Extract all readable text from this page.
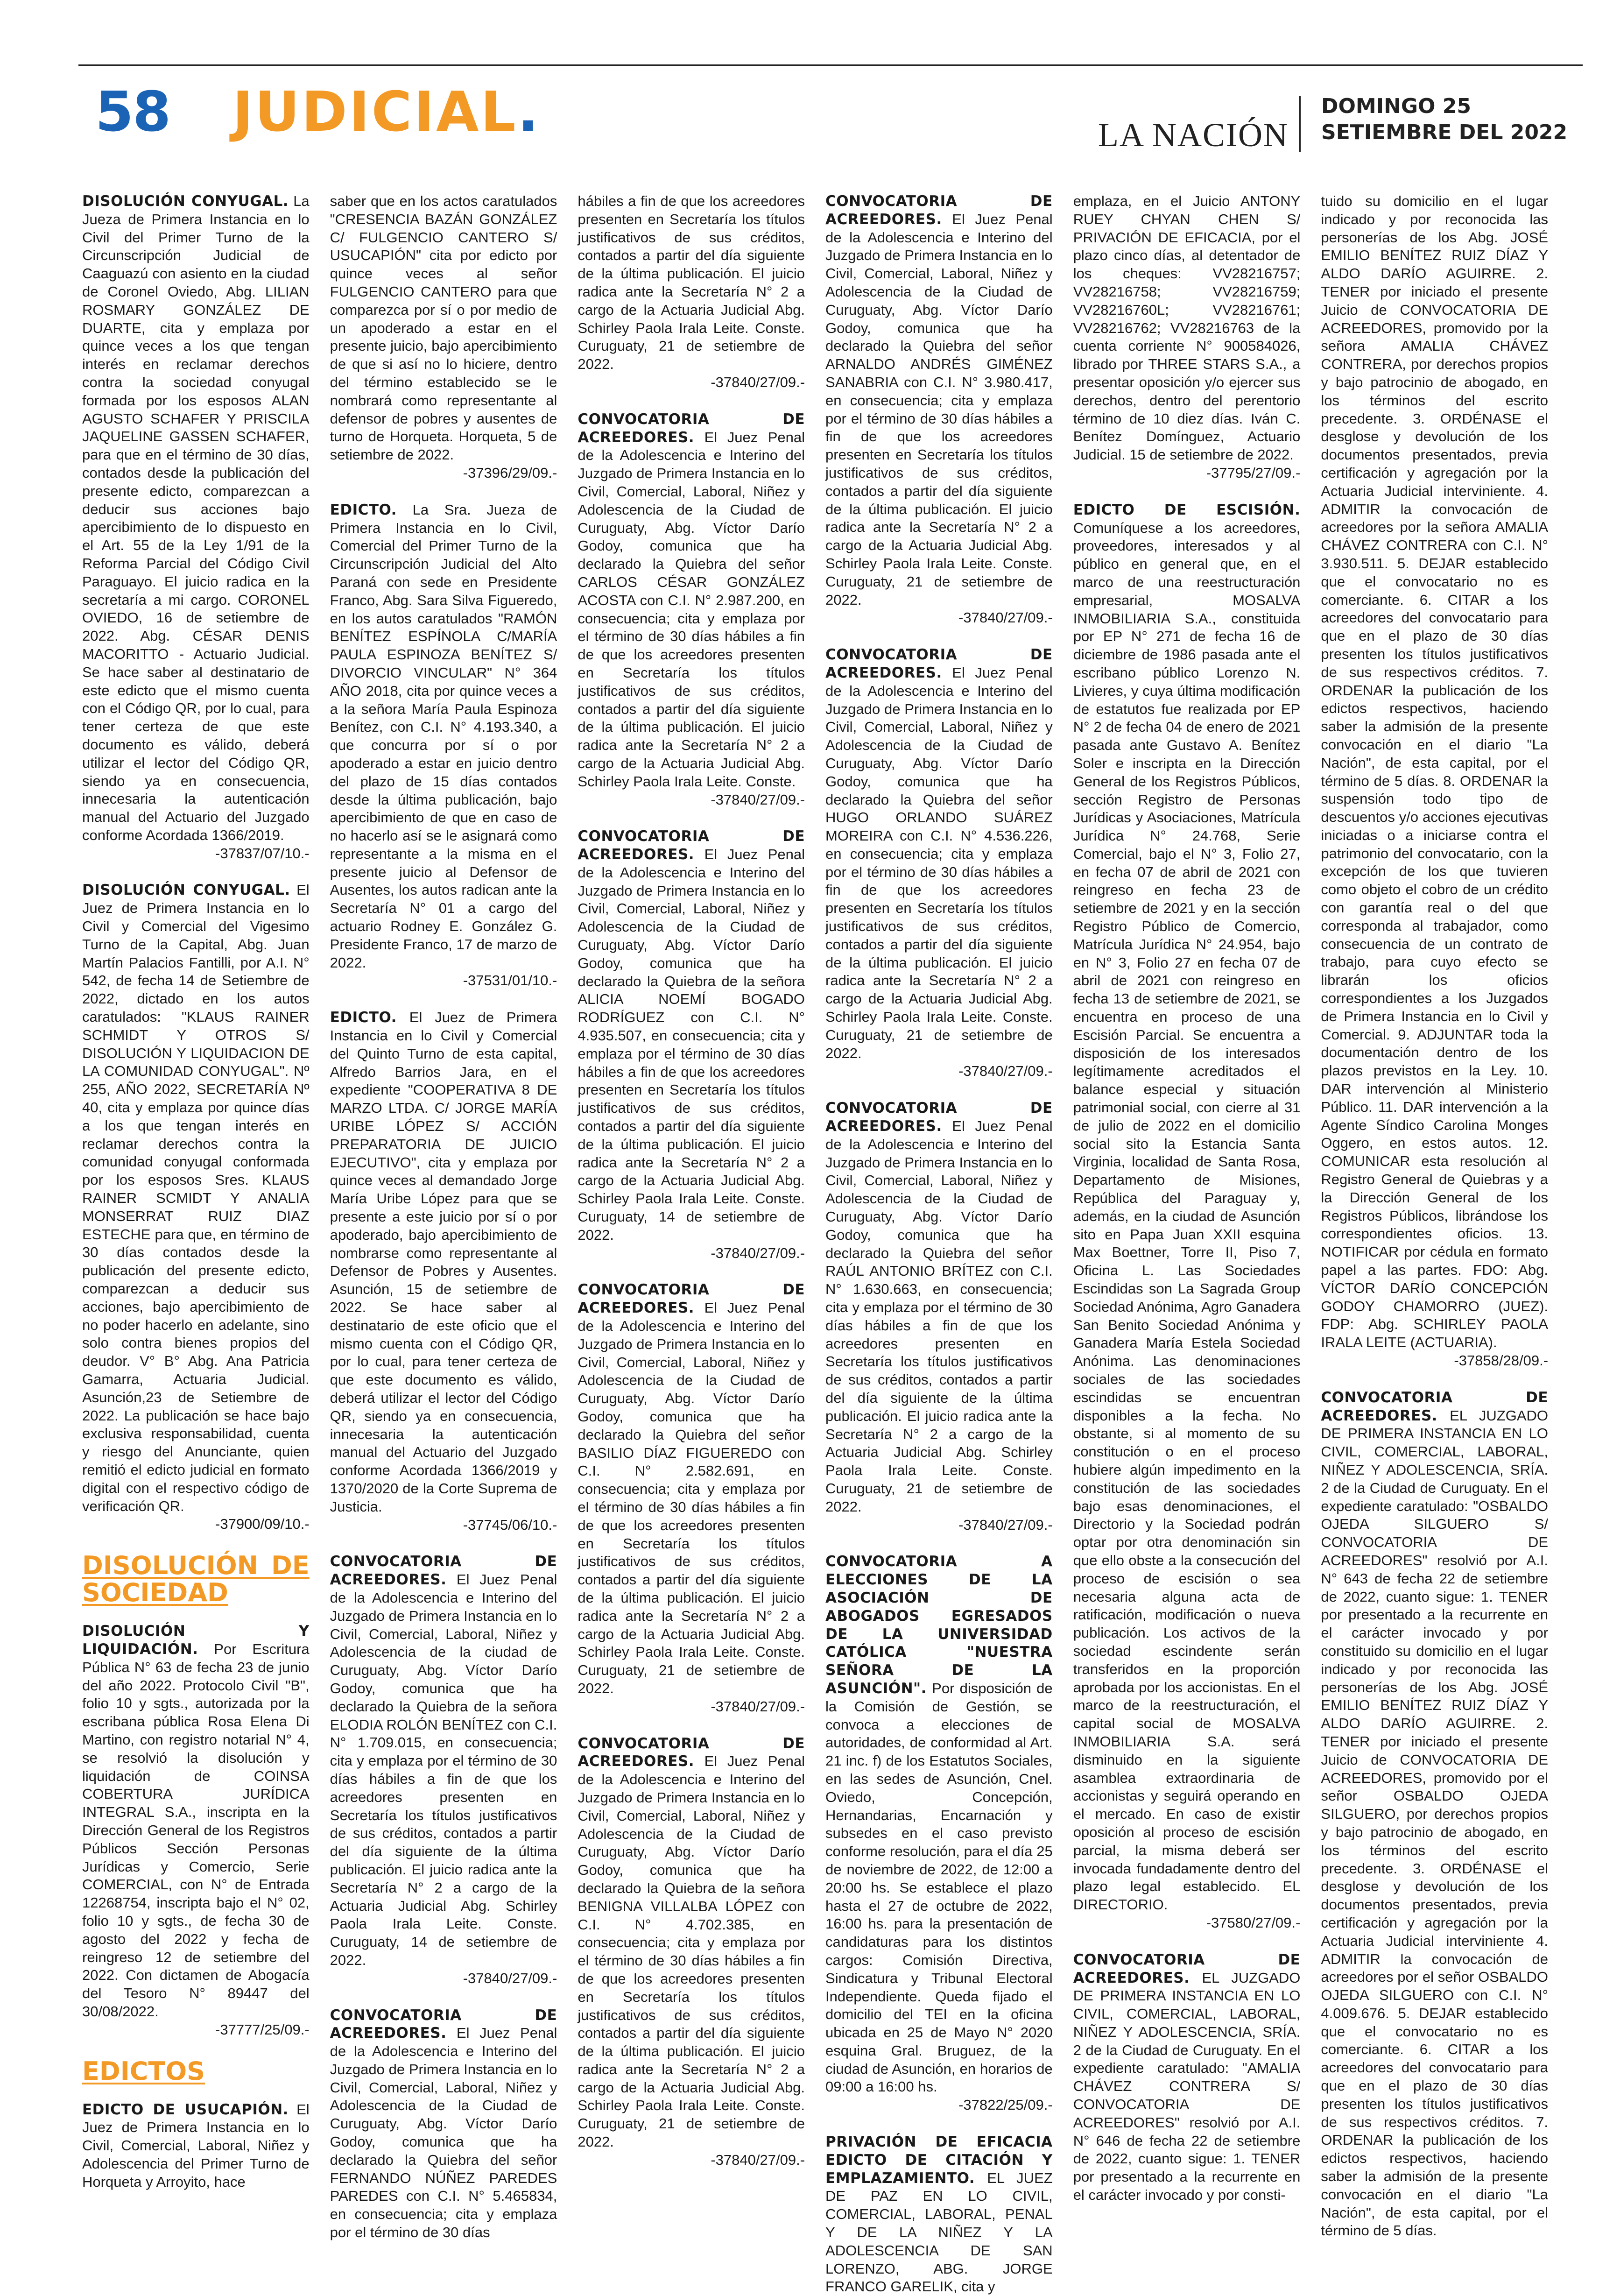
58 JUDICIAL.	LA NACIÓN
DOMINGO 25
SETIEMBRE DEL 2022

DISOLUCIÓN CONYUGAL. La Jueza de Primera Instancia en lo Civil del Primer Turno de la Circunscripción Judicial de Caaguazú con asiento en la ciudad de Coronel Oviedo, Abg. LILIAN ROSMARY GONZÁLEZ DE DUARTE, cita y emplaza por quince veces a los que tengan interés en reclamar derechos contra la sociedad conyugal formada por los esposos ALAN AGUSTO SCHAFER Y PRISCILA JAQUELINE GASSEN SCHAFER, para que en el término de 30 días, contados desde la publicación del presente edicto, comparezcan a deducir sus acciones bajo apercibimiento de lo dispuesto en el Art. 55 de la Ley 1/91 de la Reforma Parcial del Código Civil Paraguayo. El juicio radica en la secretaría a mi cargo. CORONEL OVIEDO, 16 de setiembre de 2022. Abg. CÉSAR DENIS MACORITTO - Actuario Judicial. Se hace saber al destinatario de este edicto que el mismo cuenta con el Código QR, por lo cual, para tener certeza de que este documento es válido, deberá utilizar el lector del Código QR, siendo ya en consecuencia, innecesaria la autenticación manual del Actuario del Juzgado conforme Acordada 1366/2019.
-37837/07/10.-

DISOLUCIÓN CONYUGAL. El Juez de Primera Instancia en lo Civil y Comercial del Vigesimo Turno de la Capital, Abg. Juan Martín Palacios Fantilli, por A.I. N° 542, de fecha 14 de Setiembre de 2022, dictado en los autos caratulados: "KLAUS RAINER SCHMIDT Y OTROS S/ DISOLUCIÓN Y LIQUIDACION DE LA COMUNIDAD CONYUGAL". Nº 255, AÑO 2022, SECRETARÍA Nº 40, cita y emplaza por quince días a los que tengan interés en reclamar derechos contra la comunidad conyugal conformada por los esposos Sres. KLAUS RAINER SCMIDT Y ANALIA MONSERRAT RUIZ DIAZ ESTECHE para que, en término de 30 días contados desde la publicación del presente edicto, comparezcan a deducir sus acciones, bajo apercibimiento de no poder hacerlo en adelante, sino solo contra bienes propios del deudor. V° B° Abg. Ana Patricia Gamarra, Actuaria Judicial. Asunción,23 de Setiembre de 2022. La publicación se hace bajo exclusiva responsabilidad, cuenta y riesgo del Anunciante, quien remitió el edicto judicial en formato digital con el respectivo código de verificación QR.
-37900/09/10.-

DISOLUCIÓN DE SOCIEDAD

DISOLUCIÓN Y LIQUIDACIÓN. Por Escritura Pública N° 63 de fecha 23 de junio del año 2022. Protocolo Civil "B", folio 10 y sgts., autorizada por la escribana pública Rosa Elena Di Martino, con registro notarial N° 4, se resolvió la disolución y liquidación de COINSA COBERTURA JURÍDICA INTEGRAL S.A., inscripta en la Dirección General de los Registros Públicos Sección Personas Jurídicas y Comercio, Serie COMERCIAL, con N° de Entrada 12268754, inscripta bajo el N° 02, folio 10 y sgts., de fecha 30 de agosto del 2022 y fecha de reingreso 12 de setiembre del 2022. Con dictamen de Abogacía del Tesoro N° 89447 del 30/08/2022.
-37777/25/09.-

EDICTOS

EDICTO DE USUCAPIÓN. El Juez de Primera Instancia en lo Civil, Comercial, Laboral, Niñez y Adolescencia del Primer Turno de Horqueta y Arroyito, hace

saber que en los actos caratulados "CRESENCIA BAZÁN GONZÁLEZ C/ FULGENCIO CANTERO S/ USUCAPIÓN" cita por edicto por quince veces al señor FULGENCIO CANTERO para que comparezca por sí o por medio de un apoderado a estar en el presente juicio, bajo apercibimiento de que si así no lo hiciere, dentro del término establecido se le nombrará como representante al defensor de pobres y ausentes de turno de Horqueta. Horqueta, 5 de setiembre de 2022.
-37396/29/09.-

EDICTO. La Sra. Jueza de Primera Instancia en lo Civil, Comercial del Primer Turno de la Circunscripción Judicial del Alto Paraná con sede en Presidente Franco, Abg. Sara Silva Figueredo, en los autos caratulados "RAMÓN BENÍTEZ ESPÍNOLA C/MARÍA PAULA ESPINOZA BENÍTEZ S/ DIVORCIO VINCULAR" N° 364 AÑO 2018, cita por quince veces a a la señora María Paula Espinoza Benítez, con C.I. N° 4.193.340, a que concurra por sí o por apoderado a estar en juicio dentro del plazo de 15 días contados desde la última publicación, bajo apercibimiento de que en caso de no hacerlo así se le asignará como representante a la misma en el presente juicio al Defensor de Ausentes, los autos radican ante la Secretaría N° 01 a cargo del actuario Rodney E. González G. Presidente Franco, 17 de marzo de 2022.
-37531/01/10.-

EDICTO. El Juez de Primera Instancia en lo Civil y Comercial del Quinto Turno de esta capital, Alfredo Barrios Jara, en el expediente "COOPERATIVA 8 DE MARZO LTDA. C/ JORGE MARÍA URIBE LÓPEZ S/ ACCIÓN PREPARATORIA DE JUICIO EJECUTIVO", cita y emplaza por quince veces al demandado Jorge María Uribe López para que se presente a este juicio por sí o por apoderado, bajo apercibimiento de nombrarse como representante al Defensor de Pobres y Ausentes. Asunción, 15 de setiembre de 2022. Se hace saber al destinatario de este oficio que el mismo cuenta con el Código QR, por lo cual, para tener certeza de que este documento es válido, deberá utilizar el lector del Código QR, siendo ya en consecuencia, innecesaria la autenticación manual del Actuario del Juzgado conforme Acordada 1366/2019 y 1370/2020 de la Corte Suprema de Justicia.
-37745/06/10.-

CONVOCATORIA DE ACREEDORES. El Juez Penal de la Adolescencia e Interino del Juzgado de Primera Instancia en lo Civil, Comercial, Laboral, Niñez y Adolescencia de la ciudad de Curuguaty, Abg. Víctor Darío Godoy, comunica que ha declarado la Quiebra de la señora ELODIA ROLÓN BENÍTEZ con C.I. N° 1.709.015, en consecuencia; cita y emplaza por el término de 30 días hábiles a fin de que los acreedores presenten en Secretaría los títulos justificativos de sus créditos, contados a partir del día siguiente de la última publicación. El juicio radica ante la Secretaría N° 2 a cargo de la Actuaria Judicial Abg. Schirley Paola Irala Leite. Conste. Curuguaty, 14 de setiembre de 2022.
-37840/27/09.-

CONVOCATORIA DE ACREEDORES. El Juez Penal de la Adolescencia e Interino del Juzgado de Primera Instancia en lo Civil, Comercial, Laboral, Niñez y Adolescencia de la Ciudad de Curuguaty, Abg. Víctor Darío Godoy, comunica que ha declarado la Quiebra del señor FERNANDO NÚÑEZ PAREDES PAREDES con C.I. N° 5.465834, en consecuencia; cita y emplaza por el término de 30 días

hábiles a fin de que los acreedores presenten en Secretaría los títulos justificativos de sus créditos, contados a partir del día siguiente de la última publicación. El juicio radica ante la Secretaría N° 2 a cargo de la Actuaria Judicial Abg. Schirley Paola Irala Leite. Conste. Curuguaty, 21 de setiembre de 2022.
-37840/27/09.-

CONVOCATORIA DE ACREEDORES. El Juez Penal de la Adolescencia e Interino del Juzgado de Primera Instancia en lo Civil, Comercial, Laboral, Niñez y Adolescencia de la Ciudad de Curuguaty, Abg. Víctor Darío Godoy, comunica que ha declarado la Quiebra del señor CARLOS CÉSAR GONZÁLEZ ACOSTA con C.I. N° 2.987.200, en consecuencia; cita y emplaza por el término de 30 días hábiles a fin de que los acreedores presenten en Secretaría los títulos justificativos de sus créditos, contados a partir del día siguiente de la última publicación. El juicio radica ante la Secretaría N° 2 a cargo de la Actuaria Judicial Abg. Schirley Paola Irala Leite. Conste.
-37840/27/09.-

CONVOCATORIA DE ACREEDORES. El Juez Penal de la Adolescencia e Interino del Juzgado de Primera Instancia en lo Civil, Comercial, Laboral, Niñez y Adolescencia de la Ciudad de Curuguaty, Abg. Víctor Darío Godoy, comunica que ha declarado la Quiebra de la señora ALICIA NOEMÍ BOGADO RODRÍGUEZ con C.I. N° 4.935.507, en consecuencia; cita y emplaza por el término de 30 días hábiles a fin de que los acreedores presenten en Secretaría los títulos justificativos de sus créditos, contados a partir del día siguiente de la última publicación. El juicio radica ante la Secretaría N° 2 a cargo de la Actuaria Judicial Abg. Schirley Paola Irala Leite. Conste. Curuguaty, 14 de setiembre de 2022.
-37840/27/09.-

CONVOCATORIA DE ACREEDORES. El Juez Penal de la Adolescencia e Interino del Juzgado de Primera Instancia en lo Civil, Comercial, Laboral, Niñez y Adolescencia de la Ciudad de Curuguaty, Abg. Víctor Darío Godoy, comunica que ha declarado la Quiebra del señor BASILIO DÍAZ FIGUEREDO con C.I. N° 2.582.691, en consecuencia; cita y emplaza por el término de 30 días hábiles a fin de que los acreedores presenten en Secretaría los títulos justificativos de sus créditos, contados a partir del día siguiente de la última publicación. El juicio radica ante la Secretaría N° 2 a cargo de la Actuaria Judicial Abg. Schirley Paola Irala Leite. Conste. Curuguaty, 21 de setiembre de 2022.
-37840/27/09.-

CONVOCATORIA DE ACREEDORES. El Juez Penal de la Adolescencia e Interino del Juzgado de Primera Instancia en lo Civil, Comercial, Laboral, Niñez y Adolescencia de la Ciudad de Curuguaty, Abg. Víctor Darío Godoy, comunica que ha declarado la Quiebra de la señora BENIGNA VILLALBA LÓPEZ con C.I. N° 4.702.385, en consecuencia; cita y emplaza por el término de 30 días hábiles a fin de que los acreedores presenten en Secretaría los títulos justificativos de sus créditos, contados a partir del día siguiente de la última publicación. El juicio radica ante la Secretaría N° 2 a cargo de la Actuaria Judicial Abg. Schirley Paola Irala Leite. Conste. Curuguaty, 21 de setiembre de 2022.
-37840/27/09.-

CONVOCATORIA DE ACREEDORES. El Juez Penal de la Adolescencia e Interino del Juzgado de Primera Instancia en lo Civil, Comercial, Laboral, Niñez y Adolescencia de la Ciudad de Curuguaty, Abg. Víctor Darío Godoy, comunica que ha declarado la Quiebra del señor ARNALDO ANDRÉS GIMÉNEZ SANABRIA con C.I. N° 3.980.417, en consecuencia; cita y emplaza por el término de 30 días hábiles a fin de que los acreedores presenten en Secretaría los títulos justificativos de sus créditos, contados a partir del día siguiente de la última publicación. El juicio radica ante la Secretaría N° 2 a cargo de la Actuaria Judicial Abg. Schirley Paola Irala Leite. Conste. Curuguaty, 21 de setiembre de 2022.
-37840/27/09.-

CONVOCATORIA DE ACREEDORES. El Juez Penal de la Adolescencia e Interino del Juzgado de Primera Instancia en lo Civil, Comercial, Laboral, Niñez y Adolescencia de la Ciudad de Curuguaty, Abg. Víctor Darío Godoy, comunica que ha declarado la Quiebra del señor HUGO ORLANDO SUÁREZ MOREIRA con C.I. N° 4.536.226, en consecuencia; cita y emplaza por el término de 30 días hábiles a fin de que los acreedores presenten en Secretaría los títulos justificativos de sus créditos, contados a partir del día siguiente de la última publicación. El juicio radica ante la Secretaría N° 2 a cargo de la Actuaria Judicial Abg. Schirley Paola Irala Leite. Conste. Curuguaty, 21 de setiembre de 2022.
-37840/27/09.-

CONVOCATORIA DE ACREEDORES. El Juez Penal de la Adolescencia e Interino del Juzgado de Primera Instancia en lo Civil, Comercial, Laboral, Niñez y Adolescencia de la Ciudad de Curuguaty, Abg. Víctor Darío Godoy, comunica que ha declarado la Quiebra del señor RAÚL ANTONIO BRÍTEZ con C.I. N° 1.630.663, en consecuencia; cita y emplaza por el término de 30 días hábiles a fin de que los acreedores presenten en Secretaría los títulos justificativos de sus créditos, contados a partir del día siguiente de la última publicación. El juicio radica ante la Secretaría N° 2 a cargo de la Actuaria Judicial Abg. Schirley Paola Irala Leite. Conste. Curuguaty, 21 de setiembre de 2022.
-37840/27/09.-

CONVOCATORIA A ELECCIONES DE LA ASOCIACIÓN DE ABOGADOS EGRESADOS DE LA UNIVERSIDAD CATÓLICA "NUESTRA SEÑORA DE LA ASUNCIÓN". Por disposición de la Comisión de Gestión, se convoca a elecciones de autoridades, de conformidad al Art. 21 inc. f) de los Estatutos Sociales, en las sedes de Asunción, Cnel. Oviedo, Concepción, Hernandarias, Encarnación y subsedes en el caso previsto conforme resolución, para el día 25 de noviembre de 2022, de 12:00 a 20:00 hs. Se establece el plazo hasta el 27 de octubre de 2022, 16:00 hs. para la presentación de candidaturas para los distintos cargos: Comisión Directiva, Sindicatura y Tribunal Electoral Independiente. Queda fijado el domicilio del TEI en la oficina ubicada en 25 de Mayo N° 2020 esquina Gral. Bruguez, de la ciudad de Asunción, en horarios de 09:00 a 16:00 hs.
-37822/25/09.-

PRIVACIÓN DE EFICACIA EDICTO DE CITACIÓN Y EMPLAZAMIENTO. EL JUEZ DE PAZ EN LO CIVIL, COMERCIAL, LABORAL, PENAL Y DE LA NIÑEZ Y LA ADOLESCENCIA DE SAN LORENZO, ABG. JORGE FRANCO GARELIK, cita y

emplaza, en el Juicio ANTONY RUEY CHYAN CHEN S/ PRIVACIÓN DE EFICACIA, por el plazo cinco días, al detentador de los cheques: VV28216757; VV28216758; VV28216759; VV28216760L; VV28216761; VV28216762; VV28216763 de la cuenta corriente N° 900584026, librado por THREE STARS S.A., a presentar oposición y/o ejercer sus derechos, dentro del perentorio término de 10 diez días. Iván C. Benítez Domínguez, Actuario Judicial. 15 de setiembre de 2022.
-37795/27/09.-

EDICTO DE ESCISIÓN. Comuníquese a los acreedores, proveedores, interesados y al público en general que, en el marco de una reestructuración empresarial, MOSALVA INMOBILIARIA S.A., constituida por EP N° 271 de fecha 16 de diciembre de 1986 pasada ante el escribano público Lorenzo N. Livieres, y cuya última modificación de estatutos fue realizada por EP N° 2 de fecha 04 de enero de 2021 pasada ante Gustavo A. Benítez Soler e inscripta en la Dirección General de los Registros Públicos, sección Registro de Personas Jurídicas y Asociaciones, Matrícula Jurídica N° 24.768, Serie Comercial, bajo el N° 3, Folio 27, en fecha 07 de abril de 2021 con reingreso en fecha 23 de setiembre de 2021 y en la sección Registro Público de Comercio, Matrícula Jurídica N° 24.954, bajo en N° 3, Folio 27 en fecha 07 de abril de 2021 con reingreso en fecha 13 de setiembre de 2021, se encuentra en proceso de una Escisión Parcial. Se encuentra a disposición de los interesados legítimamente acreditados el balance especial y situación patrimonial social, con cierre al 31 de julio de 2022 en el domicilio social sito la Estancia Santa Virginia, localidad de Santa Rosa, Departamento de Misiones, República del Paraguay y, además, en la ciudad de Asunción sito en Papa Juan XXII esquina Max Boettner, Torre II, Piso 7, Oficina L. Las Sociedades Escindidas son La Sagrada Group Sociedad Anónima, Agro Ganadera San Benito Sociedad Anónima y Ganadera María Estela Sociedad Anónima. Las denominaciones sociales de las sociedades escindidas se encuentran disponibles a la fecha. No obstante, si al momento de su constitución o en el proceso hubiere algún impedimento en la constitución de las sociedades bajo esas denominaciones, el Directorio y la Sociedad podrán optar por otra denominación sin que ello obste a la consecución del proceso de escisión o sea necesaria alguna acta de ratificación, modificación o nueva publicación. Los activos de la sociedad escindente serán transferidos en la proporción aprobada por los accionistas. En el marco de la reestructuración, el capital social de MOSALVA INMOBILIARIA S.A. será disminuido en la siguiente asamblea extraordinaria de accionistas y seguirá operando en el mercado. En caso de existir oposición al proceso de escisión parcial, la misma deberá ser invocada fundadamente dentro del plazo legal establecido. EL DIRECTORIO.
-37580/27/09.-

CONVOCATORIA DE ACREEDORES. EL JUZGADO DE PRIMERA INSTANCIA EN LO CIVIL, COMERCIAL, LABORAL, NIÑEZ Y ADOLESCENCIA, SRÍA. 2 de la Ciudad de Curuguaty. En el expediente caratulado: "AMALIA CHÁVEZ CONTRERA S/ CONVOCATORIA DE ACREEDORES" resolvió por A.I. N° 646 de fecha 22 de setiembre de 2022, cuanto sigue: 1. TENER por presentado a la recurrente en el carácter invocado y por consti-

tuido su domicilio en el lugar indicado y por reconocida las personerías de los Abg. JOSÉ EMILIO BENÍTEZ RUIZ DÍAZ Y ALDO DARÍO AGUIRRE. 2. TENER por iniciado el presente Juicio de CONVOCATORIA DE ACREEDORES, promovido por la señora AMALIA CHÁVEZ CONTRERA, por derechos propios y bajo patrocinio de abogado, en los términos del escrito precedente. 3. ORDÉNASE el desglose y devolución de los documentos presentados, previa certificación y agregación por la Actuaria Judicial interviniente. 4. ADMITIR la convocación de acreedores por la señora AMALIA CHÁVEZ CONTRERA con C.I. N° 3.930.511. 5. DEJAR establecido que el convocatario no es comerciante. 6. CITAR a los acreedores del convocatario para que en el plazo de 30 días presenten los títulos justificativos de sus respectivos créditos. 7. ORDENAR la publicación de los edictos respectivos, haciendo saber la admisión de la presente convocación en el diario "La Nación", de esta capital, por el término de 5 días. 8. ORDENAR la suspensión todo tipo de descuentos y/o acciones ejecutivas iniciadas o a iniciarse contra el patrimonio del convocatario, con la excepción de los que tuvieren como objeto el cobro de un crédito con garantía real o del que corresponda al trabajador, como consecuencia de un contrato de trabajo, para cuyo efecto se librarán los oficios correspondientes a los Juzgados de Primera Instancia en lo Civil y Comercial. 9. ADJUNTAR toda la documentación dentro de los plazos previstos en la Ley. 10. DAR intervención al Ministerio Público. 11. DAR intervención a la Agente Síndico Carolina Monges Oggero, en estos autos. 12. COMUNICAR esta resolución al Registro General de Quiebras y a la Dirección General de los Registros Públicos, librándose los correspondientes oficios. 13. NOTIFICAR por cédula en formato papel a las partes. FDO: Abg. VÍCTOR DARÍO CONCEPCIÓN GODOY CHAMORRO (JUEZ). FDP: Abg. SCHIRLEY PAOLA IRALA LEITE (ACTUARIA).
-37858/28/09.-

CONVOCATORIA DE ACREEDORES. EL JUZGADO DE PRIMERA INSTANCIA EN LO CIVIL, COMERCIAL, LABORAL, NIÑEZ Y ADOLESCENCIA, SRÍA. 2 de la Ciudad de Curuguaty. En el expediente caratulado: "OSBALDO OJEDA SILGUERO S/ CONVOCATORIA DE ACREEDORES" resolvió por A.I. N° 643 de fecha 22 de setiembre de 2022, cuanto sigue: 1. TENER por presentado a la recurrente en el carácter invocado y por constituido su domicilio en el lugar indicado y por reconocida las personerías de los Abg. JOSÉ EMILIO BENÍTEZ RUIZ DÍAZ Y ALDO DARÍO AGUIRRE. 2. TENER por iniciado el presente Juicio de CONVOCATORIA DE ACREEDORES, promovido por el señor OSBALDO OJEDA SILGUERO, por derechos propios y bajo patrocinio de abogado, en los términos del escrito precedente. 3. ORDÉNASE el desglose y devolución de los documentos presentados, previa certificación y agregación por la Actuaria Judicial interviniente 4. ADMITIR la convocación de acreedores por el señor OSBALDO OJEDA SILGUERO con C.I. N° 4.009.676. 5. DEJAR establecido que el convocatario no es comerciante. 6. CITAR a los acreedores del convocatario para que en el plazo de 30 días presenten los títulos justificativos de sus respectivos créditos. 7. ORDENAR la publicación de los edictos respectivos, haciendo saber la admisión de la presente convocación en el diario "La Nación", de esta capital, por el término de 5 días.
